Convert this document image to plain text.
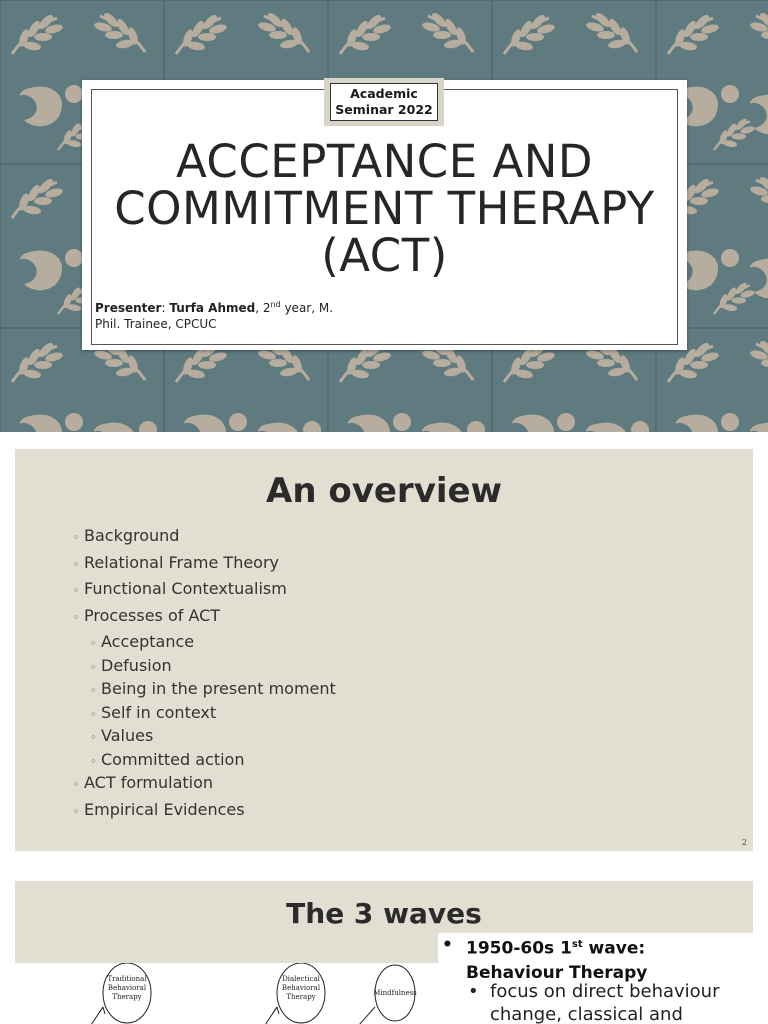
Academic
Seminar 2022
ACCEPTANCE AND
COMMITMENT THERAPY
(ACT)
Presenter: Turfa Ahmed, 2nd year, M.
Phil. Trainee, CPCUC
An overview
◦ Background
◦ Relational Frame Theory
◦ Functional Contextualism
◦ Processes of ACT
◦ Acceptance
◦ Defusion
◦ Being in the present moment
◦ Self in context
◦ Values
◦ Committed action
◦ ACT formulation
◦ Empirical Evidences
2
The 3 waves
Traditional
Behavioral
Therapy
Dialectical
Behavioral
Therapy	Mindfulness
• 1950-60s 1st wave: Behaviour Therapy
• focus on direct behaviour change, classical and
